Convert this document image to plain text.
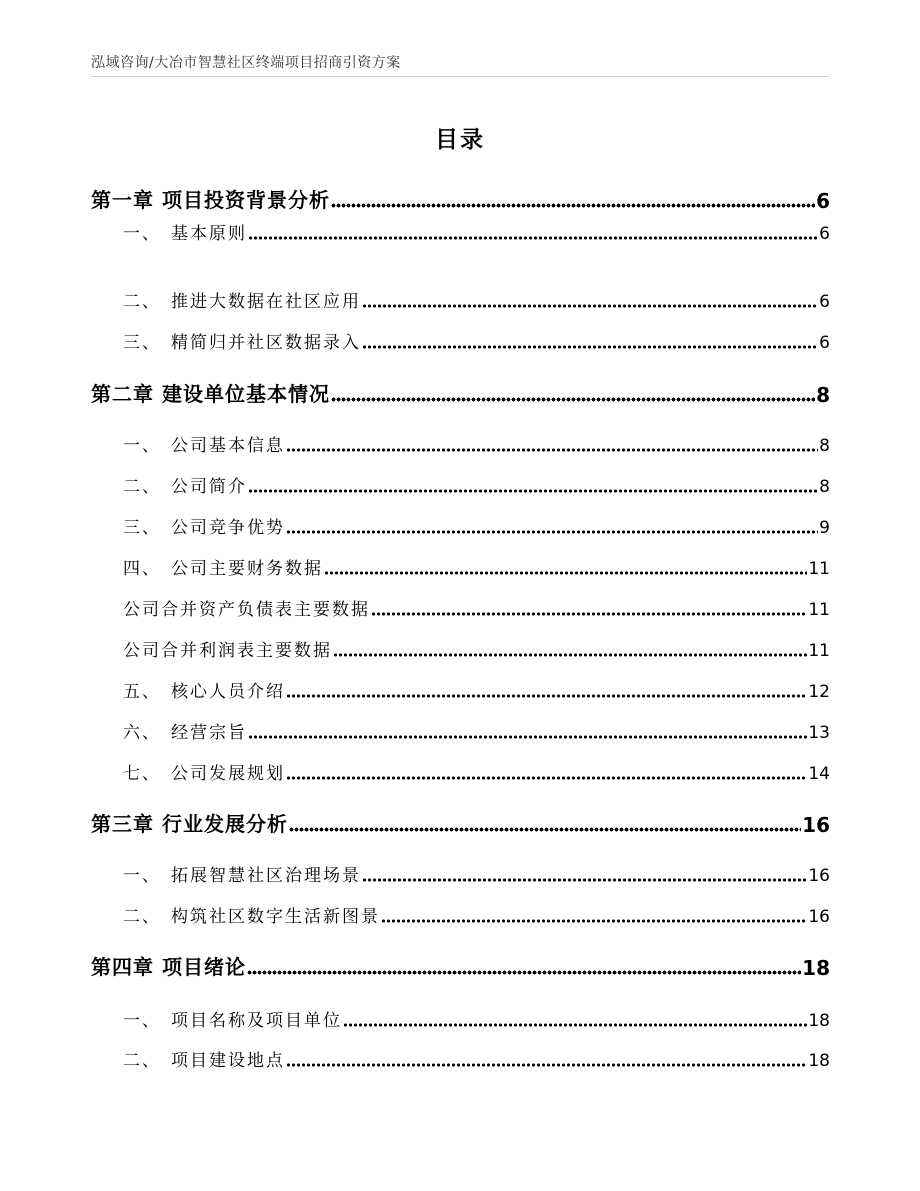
泓域咨询/大冶市智慧社区终端项目招商引资方案
目录
第一章 项目投资背景分析	6
一、 基本原则	6
二、 推进大数据在社区应用	6
三、 精简归并社区数据录入	6
第二章 建设单位基本情况	8
一、 公司基本信息	8
二、 公司简介	8
三、 公司竞争优势	9
四、 公司主要财务数据	11
公司合并资产负债表主要数据	11
公司合并利润表主要数据	11
五、 核心人员介绍	12
六、 经营宗旨	13
七、 公司发展规划	14
第三章 行业发展分析	16
一、 拓展智慧社区治理场景	16
二、 构筑社区数字生活新图景	16
第四章 项目绪论	18
一、 项目名称及项目单位	18
二、 项目建设地点	18
